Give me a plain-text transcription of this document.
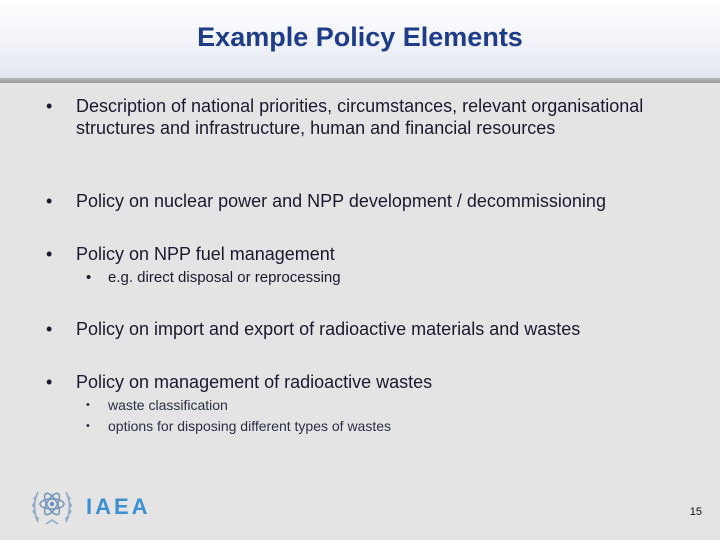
Example Policy Elements
• Description of national priorities, circumstances, relevant organisational structures and infrastructure, human and financial resources
• Policy on nuclear power and NPP development / decommissioning
• Policy on NPP fuel management
• e.g. direct disposal or reprocessing
• Policy on import and export of radioactive materials and wastes
• Policy on management of radioactive wastes
• waste classification
• options for disposing different types of wastes
IAEA	15
